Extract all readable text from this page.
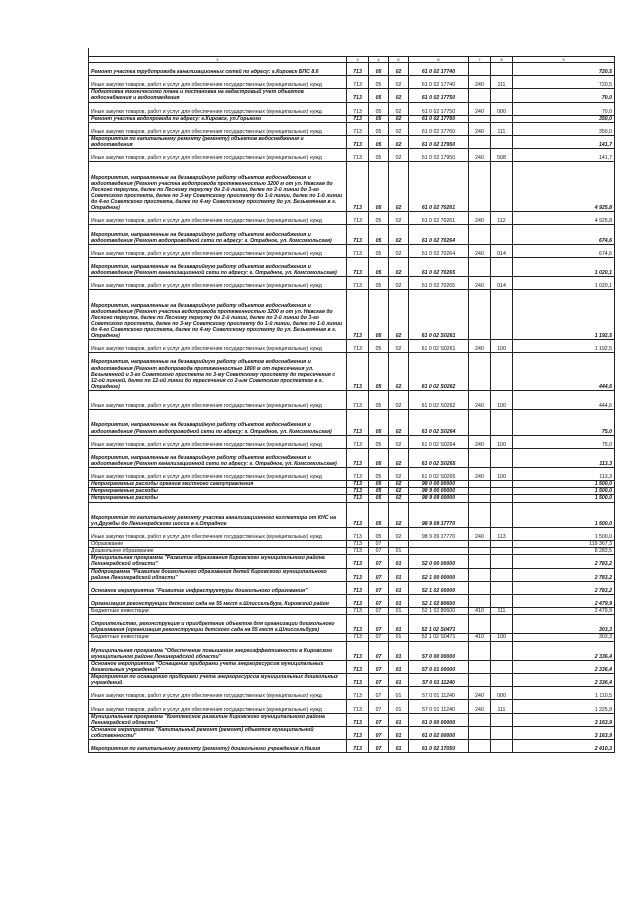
2	3	4	5	6	7	8	9
Ремонт участка трубопровода канализационных сетей по адресу: г.Кировск БПС 8.6	713	05	02	61 0 02 17740			720,5
Иные закупки товаров, работ и услуг для обеспечения государственных (муниципальных) нужд	713	05	02	61 0 02 17740	240	111	720,5
Подготовка технического плана и постановка на кадастровый учет объектов водоснабжения и водоотведения	713	05	02	61 0 02 17750			70,0
Иные закупки товаров, работ и услуг для обеспечения государственных (муниципальных) нужд	713	05	02	61 0 02 17750	240	000	70,0
Ремонт участка водопровода по адресу: г.Кировск, ул.Горького	713	05	02	61 0 02 17760			350,0
Иные закупки товаров, работ и услуг для обеспечения государственных (муниципальных) нужд	713	05	02	61 0 02 17760	240	111	350,0
Мероприятия по капитальному ремонту (ремонту) объектов водоснабжения и водоотведения	713	05	02	61 0 02 17950			141,7
Иные закупки товаров, работ и услуг для обеспечения государственных (муниципальных) нужд	713	05	02	61 0 02 17950	240	508	141,7
Мероприятия, направленные на безаварийную работу объектов водоснабжения и водоотведения (Ремонт участка водопровода протяженностью 3200 м от ул. Невская до Лесного переулка, далее по Лесному переулку до 2-й линии, далее по 2-й линии до 3-го Советского проспекта, далее по 3-му Советскому проспекту до 1-й линии, далее по 1-й линии до 4-го Советского проспекта, далее по 4-му Советскому проспекту до ул. Безымянная в г. Отрадное)	713	05	02	61 0 02 70261			4 925,8
Иные закупки товаров, работ и услуг для обеспечения государственных (муниципальных) нужд	713	05	02	61 0 02 70261	240	112	4 925,8
Мероприятия, направленные на безаварийную работу объектов водоснабжения и водоотведения (Ремонт водопроводной сети по адресу: г. Отрадное, ул. Комсомольская)	713	05	02	61 0 02 70264			674,6
Иные закупки товаров, работ и услуг для обеспечения государственных (муниципальных) нужд	713	05	02	61 0 02 70264	240	014	674,6
Мероприятия, направленные на безаварийную работу объектов водоснабжения и водоотведения (Ремонт канализационной сети по адресу: г. Отрадное, ул. Комсомольская)	713	05	02	61 0 02 70265			1 020,1
Иные закупки товаров, работ и услуг для обеспечения государственных (муниципальных) нужд	713	05	02	61 0 02 70265	240	014	1 020,1
Мероприятия, направленные на безаварийную работу объектов водоснабжения и водоотведения (Ремонт участка водопровода протяженностью 3200 м от ул. Невская до Лесного переулка, далее по Лесному переулку до 2-й линии, далее по 2-й линии до 3-го Советского проспекта, далее по 3-му Советскому проспекту до 1-й линии, далее по 1-й линии до 4-го Советского проспекта, далее по 4-му Советскому проспекту до ул. Безымянная в г. Отрадное)	713	05	02	61 0 02 S0261			1 192,5
Иные закупки товаров, работ и услуг для обеспечения государственных (муниципальных) нужд	713	05	02	61 0 02 S0261	240	100	1 192,5
Мероприятия, направленные на безаварийную работу объектов водоснабжения и водоотведения (Ремонт водопровода протяженностью 1800 м от пересечения ул. Безымянной и 3-го Советского проспекта по 3-му Советскому проспекту до пересечения с 12-ой линией, далее по 12-ой линии до пересечения со 2-ым Советским проспектом в г. Отрадное)	713	05	02	61 0 02 S0262			444,6
Иные закупки товаров, работ и услуг для обеспечения государственных (муниципальных) нужд	713	05	02	61 0 02 S0262	240	100	444,6
Мероприятия, направленные на безаварийную работу объектов водоснабжения и водоотведения (Ремонт водопроводной сети по адресу: г. Отрадное, ул. Комсомольская)	713	05	02	61 0 02 S0264			75,0
Иные закупки товаров, работ и услуг для обеспечения государственных (муниципальных) нужд	713	05	02	61 0 02 S0264	240	100	75,0
Мероприятия, направленные на безаварийную работу объектов водоснабжения и водоотведения (Ремонт канализационной сети по адресу: г. Отрадное, ул. Комсомольская)	713	05	02	61 0 02 S0265			113,3
Иные закупки товаров, работ и услуг для обеспечения государственных (муниципальных) нужд	713	05	02	61 0 02 S0265	240	100	113,3
Непрограммные расходы органов местного самоуправления	713	05	02	98 0 00 00000			1 500,0
Непрограммные расходы	713	05	02	98 9 00 00000			1 500,0
Непрограммные расходы	713	05	02	98 9 09 00000			1 500,0
Мероприятия по капитальному ремонту участка канализационного коллектора от КНС на ул.Дружбы до Ленинградского шоссе в г.Отрадное	713	05	02	98 9 09 17770			1 500,0
Иные закупки товаров, работ и услуг для обеспечения государственных (муниципальных) нужд	713	05	02	98 9 09 17770	240	113	1 500,0
Образование	713	07					119 367,3
Дошкольное образование	713	07	01				8 283,5
Муниципальная программа "Развитие образования Кировского муниципального района Ленинградской области"	713	07	01	52 0 00 00000			2 783,2
Подпрограмма "Развитие дошкольного образования детей Кировского муниципального района Ленинградской области"	713	07	01	52 1 00 00000			2 783,2
Основное мероприятие "Развитие инфраструктуры дошкольного образования"	713	07	01	52 1 02 00000			2 783,2
Организация реконструкции детского сада на 55 мест г.Шлиссельбург, Кировский район	713	07	01	52 1 02 80600			2 479,9
Бюджетные инвестиции	713	07	01	52 1 02 80600	410	111	2 479,9
Строительство, реконструкция и приобретение объектов для организации дошкольного образования (организация реконструкции детского сада на 55 мест г.Шлиссельбург)	713	07	01	52 1 02 S0471			303,3
Бюджетные инвестиции	713	07	01	52 1 02 S0471	410	100	303,3
Муниципальная программа "Обеспечение повышения энергоэффективности в Кировском муниципальном районе Ленинградской области"	713	07	01	57 0 00 00000			2 336,4
Основное мероприятие "Оснащение приборами учета энергоресурсов муниципальных дошкольных учреждений"	713	07	01	57 0 01 00000			2 336,4
Мероприятия по оснащению приборами учета энергоресурсов муниципальных дошкольных учреждений	713	07	01	57 0 01 11240			2 336,4
Иные закупки товаров, работ и услуг для обеспечения государственных (муниципальных) нужд	713	07	01	57 0 01 11240	240	000	1 110,5
Иные закупки товаров, работ и услуг для обеспечения государственных (муниципальных) нужд	713	07	01	57 0 01 11240	240	111	1 225,9
Муниципальная программа "Комплексное развитие Кировского муниципального района Ленинградской области"	713	07	01	61 0 00 00000			3 163,9
Основное мероприятие "Капитальный ремонт (ремонт) объектов муниципальной собственности"	713	07	01	61 0 02 00000			3 163,9
Мероприятия по капитальному ремонту (ремонту) дошкольного учреждения п.Назия	713	07	01	61 0 02 17050			2 410,3
